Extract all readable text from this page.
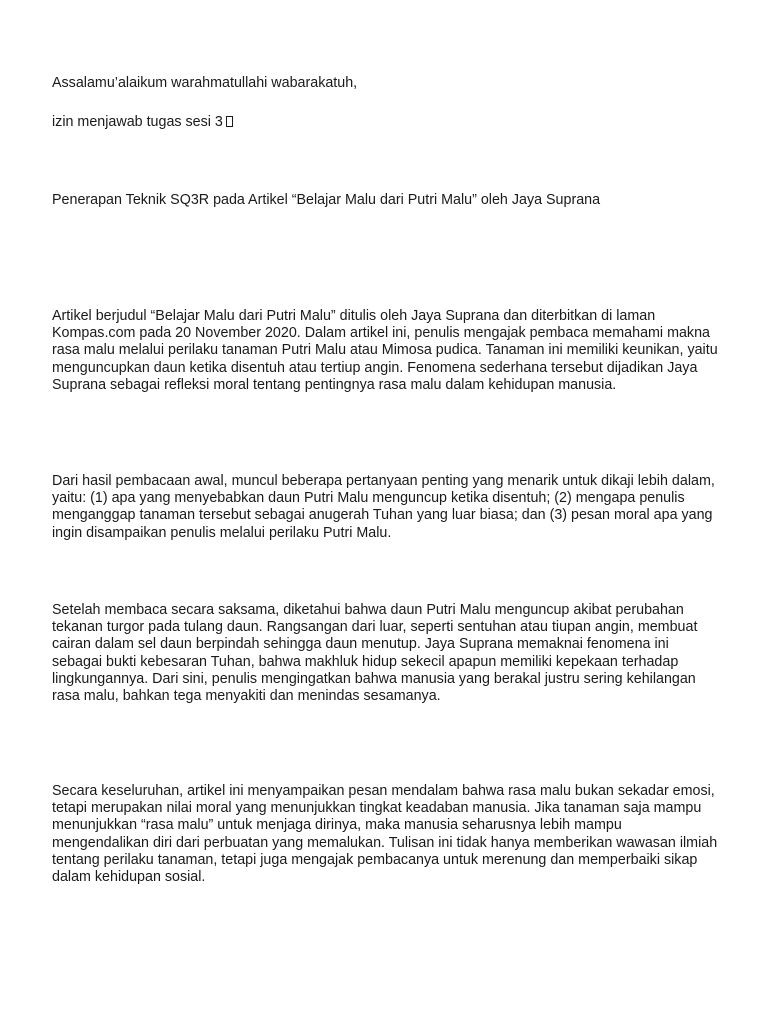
Assalamu’alaikum warahmatullahi wabarakatuh,

izin menjawab tugas sesi 3

Penerapan Teknik SQ3R pada Artikel “Belajar Malu dari Putri Malu” oleh Jaya Suprana

Artikel berjudul “Belajar Malu dari Putri Malu” ditulis oleh Jaya Suprana dan diterbitkan di laman Kompas.com pada 20 November 2020. Dalam artikel ini, penulis mengajak pembaca memahami makna rasa malu melalui perilaku tanaman Putri Malu atau Mimosa pudica. Tanaman ini memiliki keunikan, yaitu menguncupkan daun ketika disentuh atau tertiup angin. Fenomena sederhana tersebut dijadikan Jaya Suprana sebagai refleksi moral tentang pentingnya rasa malu dalam kehidupan manusia.

Dari hasil pembacaan awal, muncul beberapa pertanyaan penting yang menarik untuk dikaji lebih dalam, yaitu: (1) apa yang menyebabkan daun Putri Malu menguncup ketika disentuh; (2) mengapa penulis menganggap tanaman tersebut sebagai anugerah Tuhan yang luar biasa; dan (3) pesan moral apa yang ingin disampaikan penulis melalui perilaku Putri Malu.

Setelah membaca secara saksama, diketahui bahwa daun Putri Malu menguncup akibat perubahan tekanan turgor pada tulang daun. Rangsangan dari luar, seperti sentuhan atau tiupan angin, membuat cairan dalam sel daun berpindah sehingga daun menutup. Jaya Suprana memaknai fenomena ini sebagai bukti kebesaran Tuhan, bahwa makhluk hidup sekecil apapun memiliki kepekaan terhadap lingkungannya. Dari sini, penulis mengingatkan bahwa manusia yang berakal justru sering kehilangan rasa malu, bahkan tega menyakiti dan menindas sesamanya.

Secara keseluruhan, artikel ini menyampaikan pesan mendalam bahwa rasa malu bukan sekadar emosi, tetapi merupakan nilai moral yang menunjukkan tingkat keadaban manusia. Jika tanaman saja mampu menunjukkan “rasa malu” untuk menjaga dirinya, maka manusia seharusnya lebih mampu mengendalikan diri dari perbuatan yang memalukan. Tulisan ini tidak hanya memberikan wawasan ilmiah tentang perilaku tanaman, tetapi juga mengajak pembacanya untuk merenung dan memperbaiki sikap dalam kehidupan sosial.
